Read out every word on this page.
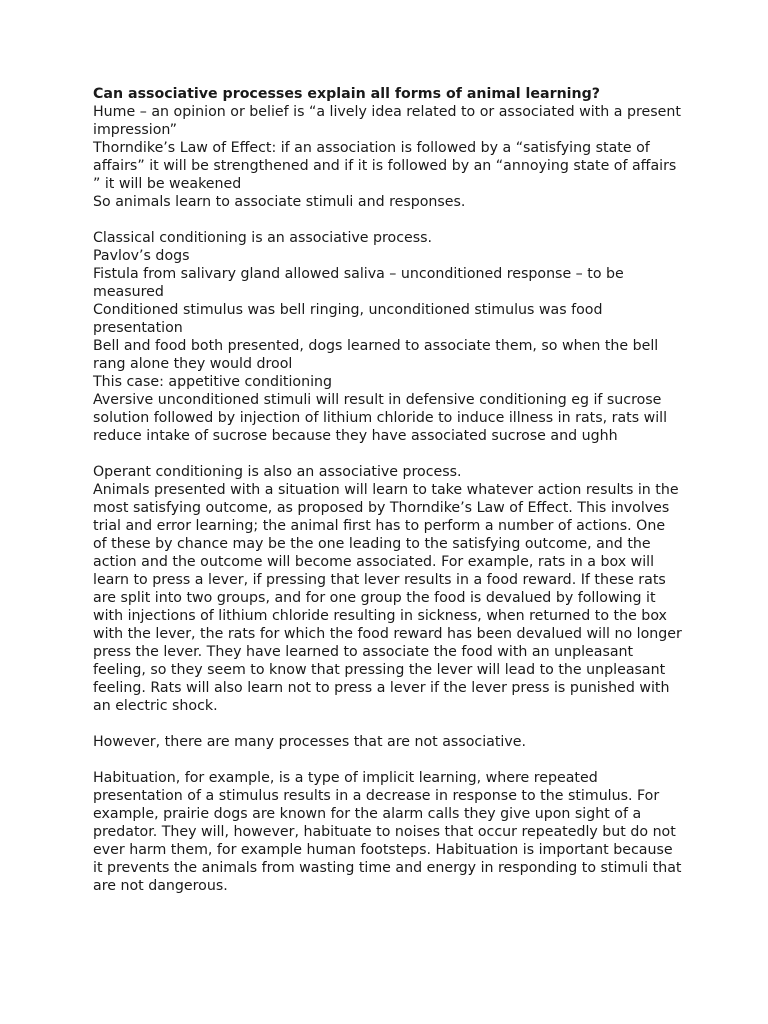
Can associative processes explain all forms of animal learning?

Hume – an opinion or belief is “a lively idea related to or associated with a present impression”

Thorndike’s Law of Effect: if an association is followed by a “satisfying state of affairs” it will be strengthened and if it is followed by an “annoying state of affairs ” it will be weakened

So animals learn to associate stimuli and responses.

Classical conditioning is an associative process.

Pavlov’s dogs

Fistula from salivary gland allowed saliva – unconditioned response – to be measured

Conditioned stimulus was bell ringing, unconditioned stimulus was food presentation

Bell and food both presented, dogs learned to associate them, so when the bell rang alone they would drool

This case: appetitive conditioning

Aversive unconditioned stimuli will result in defensive conditioning eg if sucrose solution followed by injection of lithium chloride to induce illness in rats, rats will reduce intake of sucrose because they have associated sucrose and ughh

Operant conditioning is also an associative process.

Animals presented with a situation will learn to take whatever action results in the most satisfying outcome, as proposed by Thorndike’s Law of Effect. This involves trial and error learning; the animal first has to perform a number of actions. One of these by chance may be the one leading to the satisfying outcome, and the action and the outcome will become associated. For example, rats in a box will learn to press a lever, if pressing that lever results in a food reward. If these rats are split into two groups, and for one group the food is devalued by following it with injections of lithium chloride resulting in sickness, when returned to the box with the lever, the rats for which the food reward has been devalued will no longer press the lever. They have learned to associate the food with an unpleasant feeling, so they seem to know that pressing the lever will lead to the unpleasant feeling. Rats will also learn not to press a lever if the lever press is punished with an electric shock.

However, there are many processes that are not associative.

Habituation, for example, is a type of implicit learning, where repeated presentation of a stimulus results in a decrease in response to the stimulus. For example, prairie dogs are known for the alarm calls they give upon sight of a predator. They will, however, habituate to noises that occur repeatedly but do not ever harm them, for example human footsteps. Habituation is important because it prevents the animals from wasting time and energy in responding to stimuli that are not dangerous.
